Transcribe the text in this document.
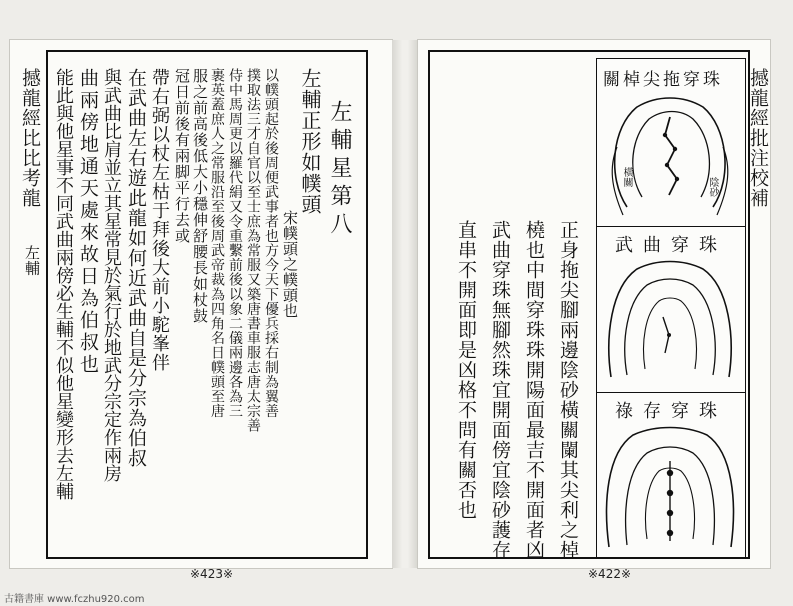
撼龍經比比考龍
左輔
左輔星第八
左輔正形如幞頭
宋幞頭之幞頭也
以幞頭起於後周便武事者也方今天下優兵採右制為翼善
撲取法三才自官以至士庶為常服又築唐書車服志唐太宗善
侍中馬周更以羅代絹又令重繫前後以象二儀兩邊各為三
裹英蓋庶人之常服沿至後周武帝裁為四角名日幞頭至唐
服之前高後低大小穩伸舒腰長如杖鼓
冠日前後有兩脚平行去或
帶右弼以杖左枯于拜後大前小駝峯伴
在武曲左右遊此龍如何近武曲自是分宗為伯叔
與武曲比肩並立其星常見於氣行於地武分宗定作兩房
曲兩傍地通天處來故日為伯叔也
能此與他星事不同武曲兩傍必生輔不似他星變形去左輔
※423※
撼龍經批注校補
關棹尖拖穿珠
橫關	陰砂
武曲穿珠
祿存穿珠
正身拖尖腳兩邊陰砂橫關闌其尖利之棹
橈也中間穿珠珠開陽面最吉不開面者凶
武曲穿珠無腳然珠宜開面傍宜陰砂䕶存
直串不開面即是凶格不問有關否也
※422※
古籍書庫 www.fczhu920.com
